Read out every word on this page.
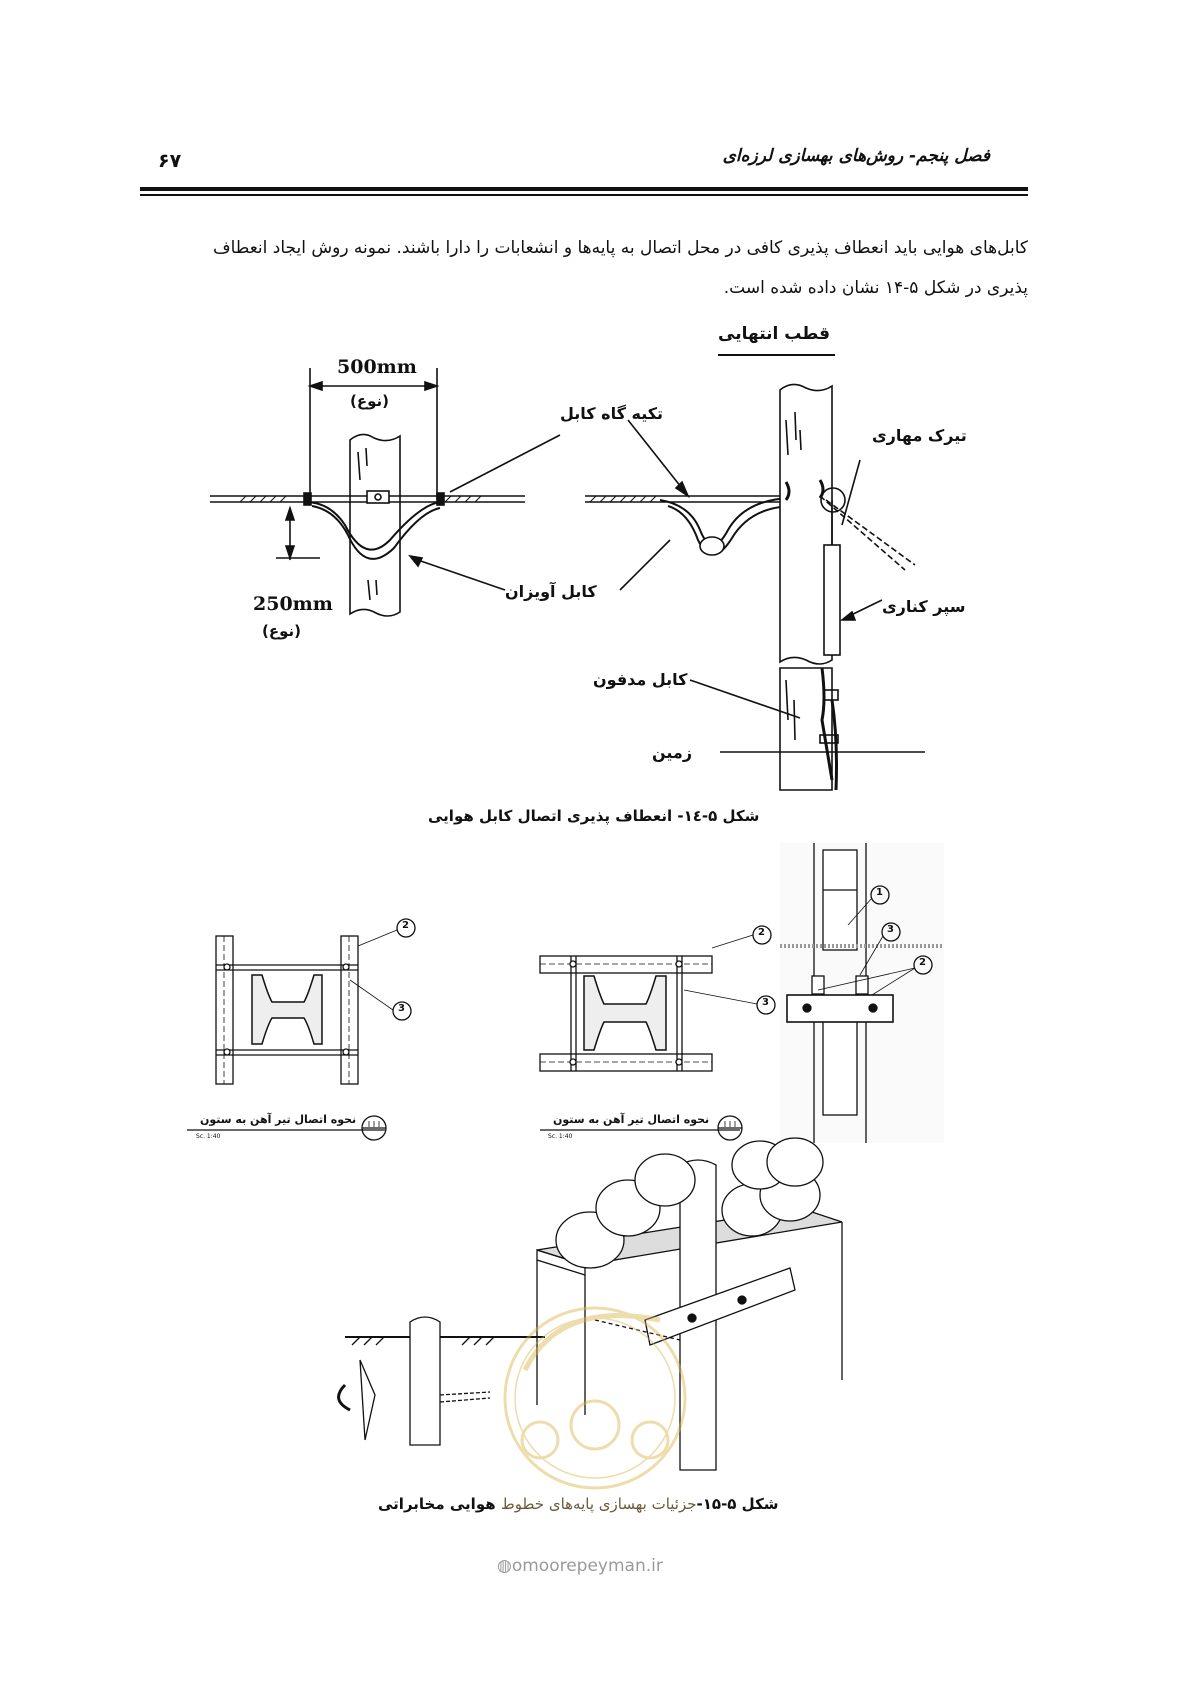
فصل پنجم- روش‌های بهسازی لرزه‌ای
۶۷
کابل‌های هوایی باید انعطاف پذیری کافی در محل اتصال به پایه‌ها و انشعابات را دارا باشند. نمونه روش ایجاد انعطاف
پذیری در شکل ۵-۱۴ نشان داده شده است.
قطب انتهایی
500mm
(نوع)
250mm
(نوع)
تکیه گاه کابل
کابل آویزان
تیرک مهاری
سپر کناری
کابل مدفون
زمین
شکل ۵-۱٤- انعطاف پذیری اتصال کابل هوایی
نحوه اتصال تیر آهن به ستون
Sc. 1:40
نحوه اتصال تیر آهن به ستون
Sc. 1:40
2
3
2
3
1
3
2
شکل ۵-۱۵-جزئیات بهسازی پایه‌های خطوط هوایی مخابراتی
◍omoorepeyman.ir
